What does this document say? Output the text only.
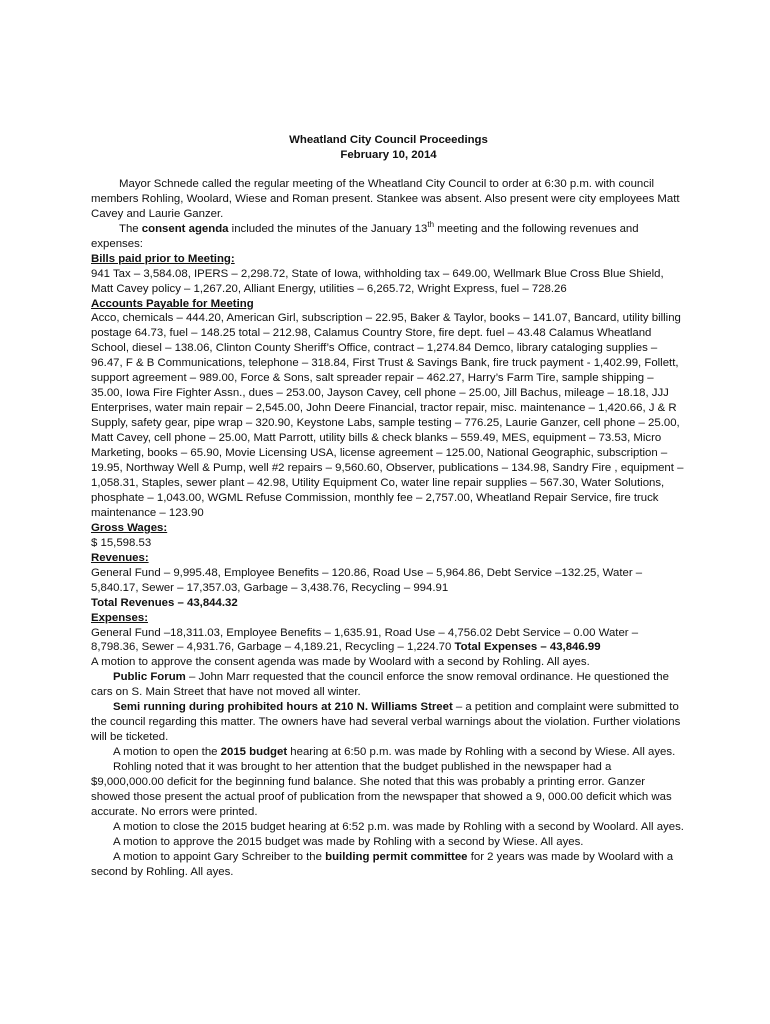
Wheatland City Council Proceedings
February 10, 2014

Mayor Schnede called the regular meeting of the Wheatland City Council to order at 6:30 p.m. with council members Rohling, Woolard, Wiese and Roman present. Stankee was absent. Also present were city employees Matt Cavey and Laurie Ganzer.

The consent agenda included the minutes of the January 13th meeting and the following revenues and expenses:

Bills paid prior to Meeting:

941 Tax – 3,584.08, IPERS – 2,298.72, State of Iowa, withholding tax – 649.00, Wellmark Blue Cross Blue Shield, Matt Cavey policy – 1,267.20, Alliant Energy, utilities – 6,265.72, Wright Express, fuel – 728.26

Accounts Payable for Meeting

Acco, chemicals – 444.20, American Girl, subscription – 22.95, Baker & Taylor, books – 141.07, Bancard, utility billing postage 64.73, fuel – 148.25 total – 212.98, Calamus Country Store, fire dept. fuel – 43.48 Calamus Wheatland School, diesel – 138.06, Clinton County Sheriff’s Office, contract – 1,274.84 Demco, library cataloging supplies – 96.47, F & B Communications, telephone – 318.84, First Trust & Savings Bank, fire truck payment - 1,402.99, Follett, support agreement – 989.00, Force & Sons, salt spreader repair – 462.27, Harry’s Farm Tire, sample shipping – 35.00, Iowa Fire Fighter Assn., dues – 253.00, Jayson Cavey, cell phone – 25.00, Jill Bachus, mileage – 18.18, JJJ Enterprises, water main repair – 2,545.00, John Deere Financial, tractor repair, misc. maintenance – 1,420.66, J & R Supply, safety gear, pipe wrap – 320.90, Keystone Labs, sample testing – 776.25, Laurie Ganzer, cell phone – 25.00, Matt Cavey, cell phone – 25.00, Matt Parrott, utility bills & check blanks – 559.49, MES, equipment – 73.53, Micro Marketing, books – 65.90, Movie Licensing USA, license agreement – 125.00, National Geographic, subscription – 19.95, Northway Well & Pump, well #2 repairs – 9,560.60, Observer, publications – 134.98, Sandry Fire , equipment – 1,058.31, Staples, sewer plant – 42.98, Utility Equipment Co, water line repair supplies – 567.30, Water Solutions, phosphate – 1,043.00, WGML Refuse Commission, monthly fee – 2,757.00, Wheatland Repair Service, fire truck maintenance – 123.90

Gross Wages:

$ 15,598.53

Revenues:

General Fund – 9,995.48, Employee Benefits – 120.86, Road Use – 5,964.86, Debt Service –132.25, Water – 5,840.17, Sewer – 17,357.03, Garbage – 3,438.76, Recycling – 994.91

Total Revenues – 43,844.32
Expenses:

General Fund –18,311.03, Employee Benefits – 1,635.91, Road Use – 4,756.02 Debt Service – 0.00 Water – 8,798.36, Sewer – 4,931.76, Garbage – 4,189.21, Recycling – 1,224.70 Total Expenses – 43,846.99

A motion to approve the consent agenda was made by Woolard with a second by Rohling. All ayes.

Public Forum – John Marr requested that the council enforce the snow removal ordinance. He questioned the cars on S. Main Street that have not moved all winter.

Semi running during prohibited hours at 210 N. Williams Street – a petition and complaint were submitted to the council regarding this matter. The owners have had several verbal warnings about the violation. Further violations will be ticketed.

A motion to open the 2015 budget hearing at 6:50 p.m. was made by Rohling with a second by Wiese. All ayes.

Rohling noted that it was brought to her attention that the budget published in the newspaper had a $9,000,000.00 deficit for the beginning fund balance. She noted that this was probably a printing error. Ganzer showed those present the actual proof of publication from the newspaper that showed a 9, 000.00 deficit which was accurate. No errors were printed.

A motion to close the 2015 budget hearing at 6:52 p.m. was made by Rohling with a second by Woolard. All ayes.

A motion to approve the 2015 budget was made by Rohling with a second by Wiese. All ayes.

A motion to appoint Gary Schreiber to the building permit committee for 2 years was made by Woolard with a second by Rohling. All ayes.
